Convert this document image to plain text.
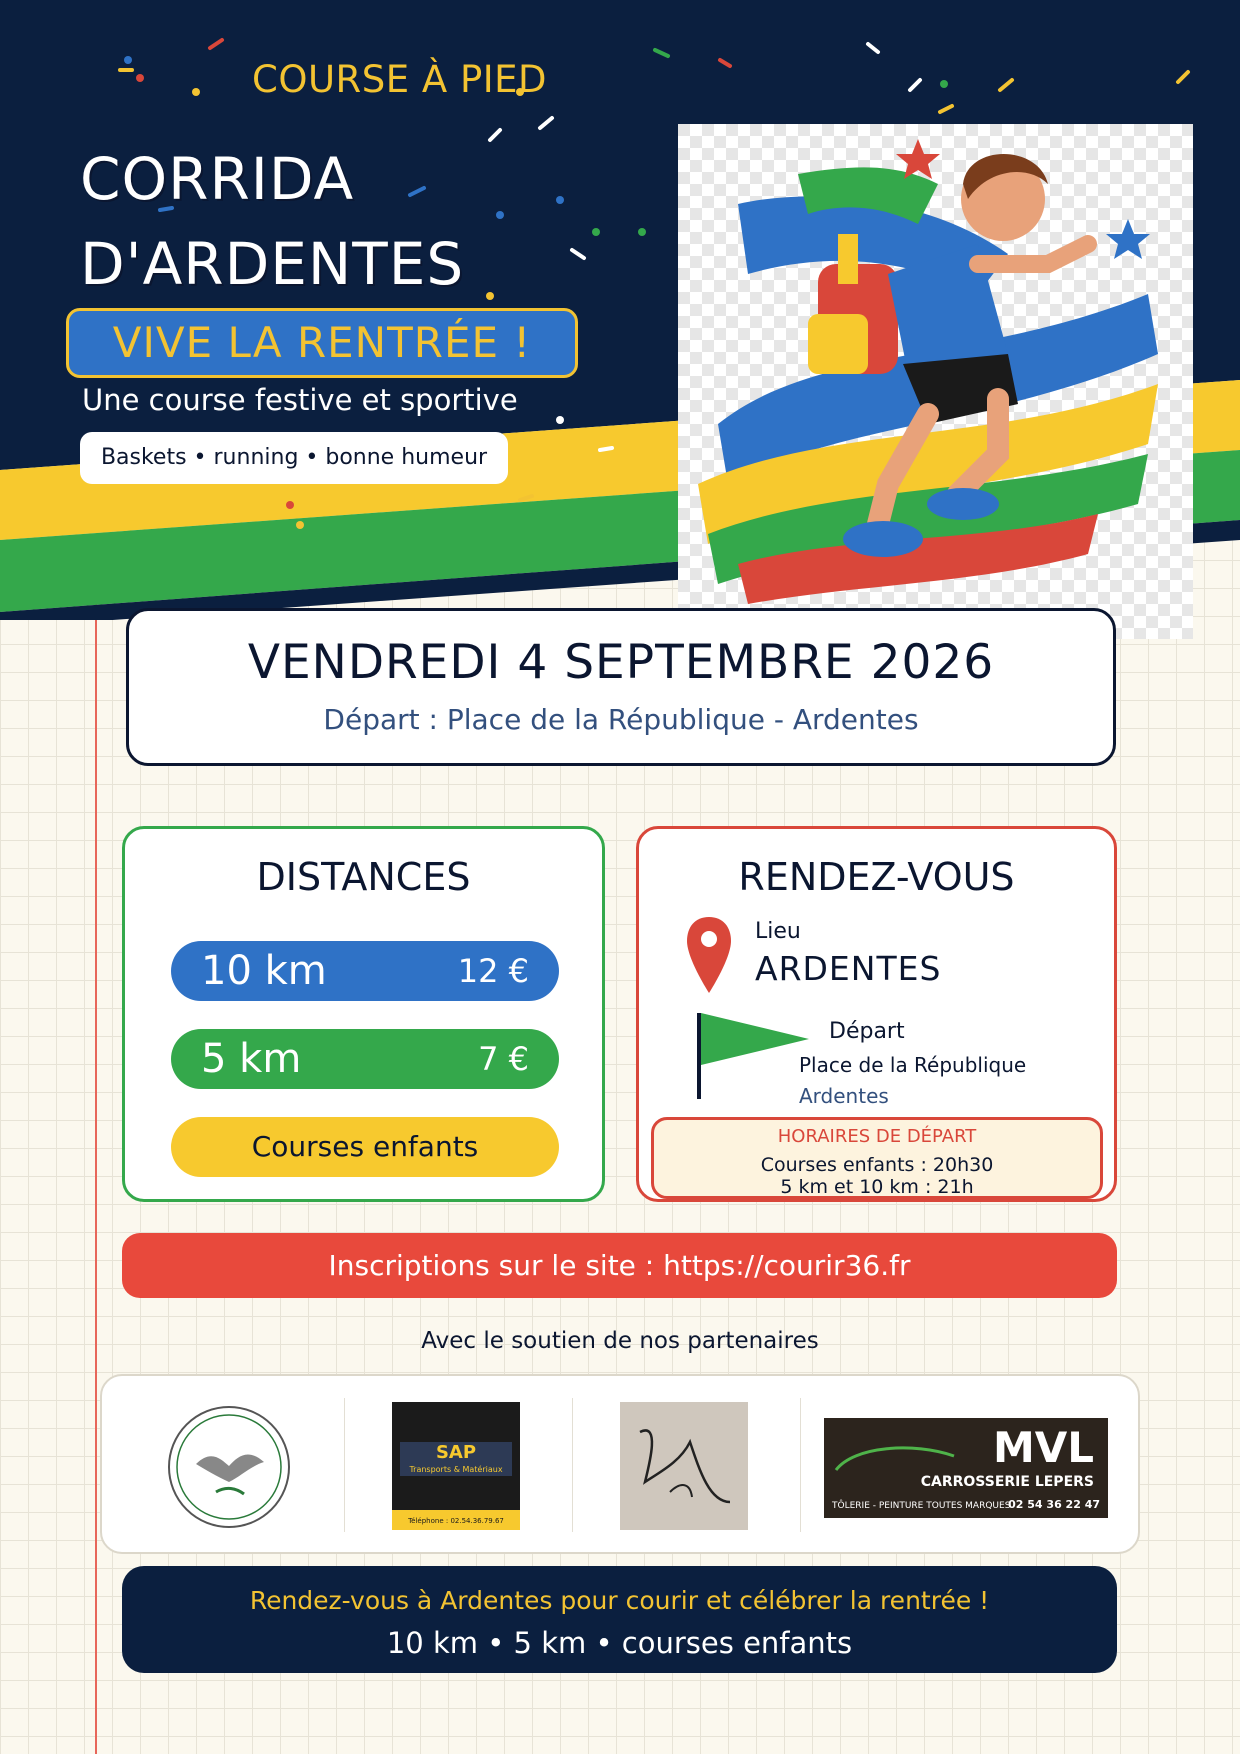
COURSE À PIED
CORRIDA
D'ARDENTES
VIVE LA RENTRÉE !
Une course festive et sportive
Baskets • running • bonne humeur
VENDREDI 4 SEPTEMBRE 2026
Départ : Place de la République - Ardentes
DISTANCES
10 km	12 €
5 km	7 €
Courses enfants
RENDEZ-VOUS
Lieu
ARDENTES
Départ
Place de la République
Ardentes
HORAIRES DE DÉPART
Courses enfants : 20h30
5 km et 10 km : 21h
Inscriptions sur le site : https://courir36.fr
Avec le soutien de nos partenaires
SAP
Transports & Matériaux
Téléphone : 02.54.36.79.67
MVL
CARROSSERIE LEPERS
TÔLERIE - PEINTURE TOUTES MARQUES
02 54 36 22 47
Rendez-vous à Ardentes pour courir et célébrer la rentrée !
10 km • 5 km • courses enfants
